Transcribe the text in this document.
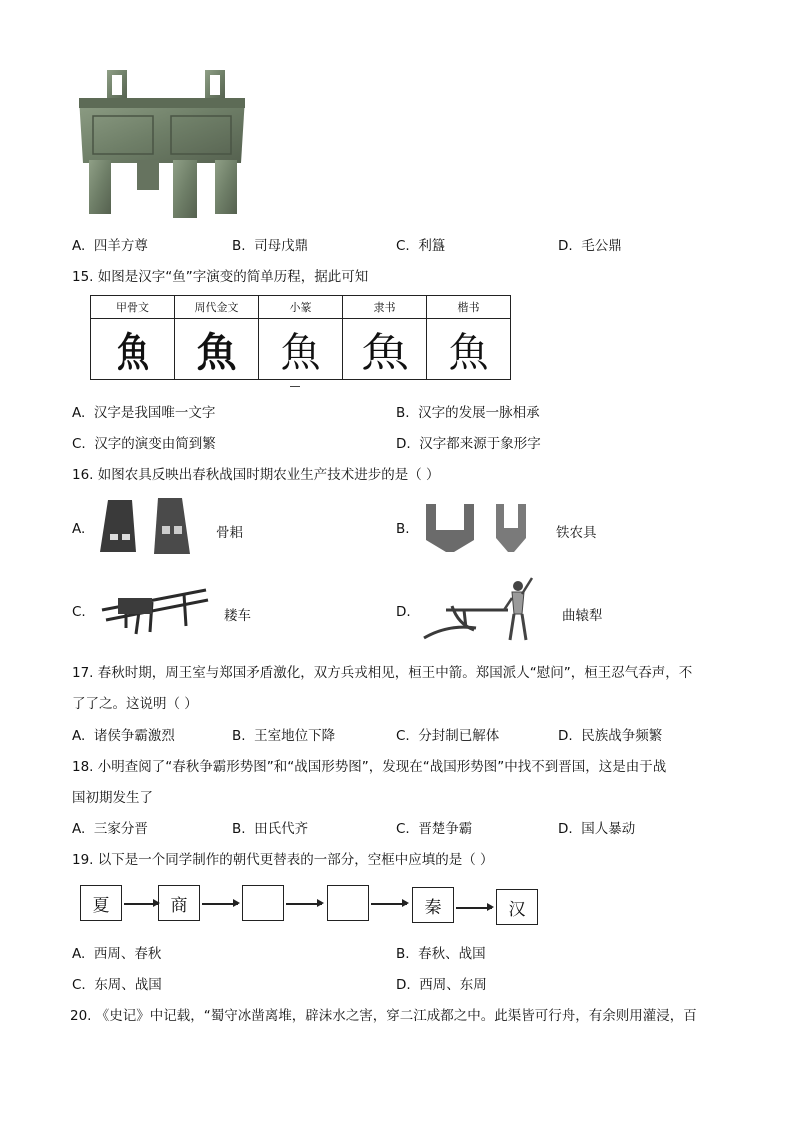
A. 四羊方尊	B. 司母戊鼎	C. 利簋	D. 毛公鼎
15. 如图是汉字“鱼”字演变的简单历程，据此可知
甲骨文	周代金文	小篆	隶书	楷书
魚	魚	魚	魚	魚
A. 汉字是我国唯一文字	B. 汉字的发展一脉相承
C. 汉字的演变由简到繁	D. 汉字都来源于象形字
16. 如图农具反映出春秋战国时期农业生产技术进步的是（ ）
A.	骨耜	B.	铁农具
C.	耧车	D.	曲辕犁
17. 春秋时期，周王室与郑国矛盾激化，双方兵戎相见，桓王中箭。郑国派人“慰问”，桓王忍气吞声，不
了了之。这说明（ ）
A. 诸侯争霸激烈	B. 王室地位下降	C. 分封制已解体	D. 民族战争频繁
18. 小明查阅了“春秋争霸形势图”和“战国形势图”，发现在“战国形势图”中找不到晋国，这是由于战
国初期发生了
A. 三家分晋	B. 田氏代齐	C. 晋楚争霸	D. 国人暴动
19. 以下是一个同学制作的朝代更替表的一部分，空框中应填的是（ ）
夏	商	秦	汉
A. 西周、春秋	B. 春秋、战国
C. 东周、战国	D. 西周、东周
20. 《史记》中记载，“蜀守冰凿离堆，辟沫水之害，穿二江成都之中。此渠皆可行舟，有余则用灌浸，百
